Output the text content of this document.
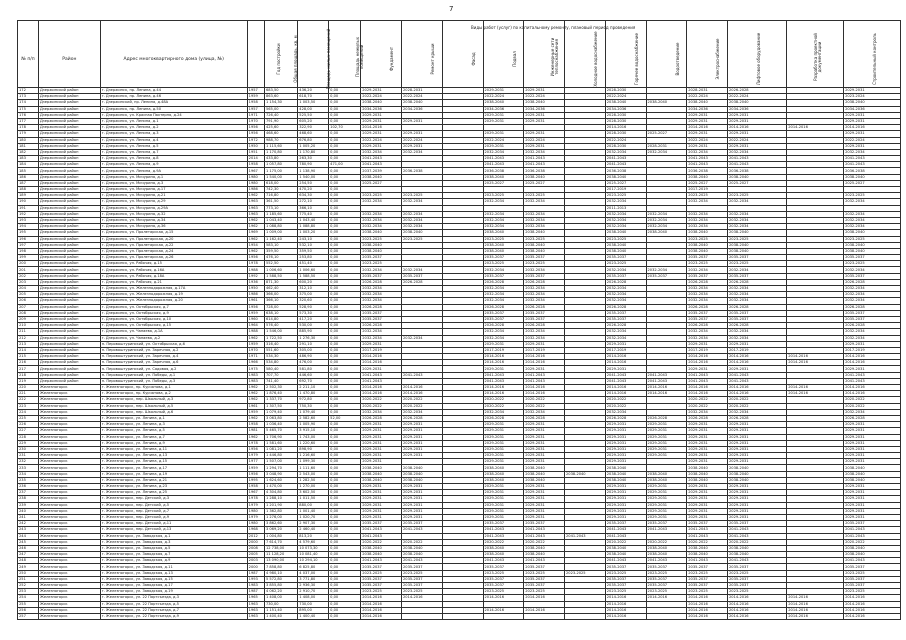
7
Виды работ (услуг) по капитальному ремонту, плановый период проведения
№ п/п	Район	Адрес многоквартирного дома (улица, №)	Год постройки	Общая площадь, кв. м	Площадь жилых помещений	Площадь нежилых помещений	Фундамент	Ремонт крыши	Фасад	Подвал	Инженерные сети теплоснабжения	Холодное водоснабжение	Горячее водоснабжение	Водоотведение	Электроснабжение	Лифтовое оборудование	Разработка проектной документации	Строительный контроль
172	Дзержинский район	г. Дзержинск, пр. Ленина, д.44	1957	683,50	436,20	0,00	2029-2031	2028-2031		2029-2031	2029-2031		2028-2030		2028-2031	2026-2028		2029-2031
173	Дзержинский район	г. Дзержинск, пр. Ленина, д.46	1959	863,60	618,70	0,00	2022-2024	2022-2024		2022-2024	2022-2024		2022-2024		2022-2024	2022-2024		2023-2024
174	Дзержинский район	г. Дзержинский, пр. Ленина, д.48А	1958	1 154,30	1 003,50	0,00	2038-2040	2038-2040		2038-2040	2038-2040		2038-2040	2038-2040	2038-2040	2038-2040		2038-2040
175	Дзержинский район	г. Дзержинск, пр. Ленина, д.50	1957	565,00	428,00	0,00	2034-2036	2034-2036		2034-2036	2034-2036		2034-2036		2034-2036	2034-2036		2034-2036
176	Дзержинский район	г. Дзержинск, ул. Красная Пахтерня, д.24	1971	726,40	525,50	0,00	2029-2031			2029-2031	2029-2031		2028-2030		2029-2031	2029-2031		2029-2031
177	Дзержинский район	г. Дзержинск, ул. Ленина, д.1	1970	791,90	605,20	0,00	2029-2031	2029-2031		2029-2031	2029-2031		2028-2030		2029-2031	2029-2031		2029-2031
178	Дзержинский район	г. Дзержинск, ул. Ленина, д.2	1956	425,60	322,90	102,70	2014-2016						2014-2016		2014-2016	2014-2016	2014-2016	2014-2016
179	Дзержинский район	г. Дзержинск, ул. Ленина, д.3	1956	468,60	468,60	0,00	2029-2031	2029-2031		2029-2031	2029-2031		2028-2030	2025-2027	2029-2031	2029-2031		2029-2031
180	Дзержинский район	г. Дзержинск, ул. Ленина, д.4	1972	988,70	676,80	0,00	2022-2024	2022-2024		2022-2024	2022-2024		2022-2024		2022-2024	2022-2024		2022-2024
181	Дзержинский район	г. Дзержинск, ул. Ленина, д.5	1950	1 115,60	1 005,20	0,00	2029-2031	2029-2031		2029-2031	2029-2031		2028-2030	2028-2031	2029-2031	2029-2031		2029-2031
182	Дзержинский район	г. Дзержинск, ул. Ленина, д.7	1951	1 170,80	1 170,80	0,00	2032-2034	2032-2034		2032-2034	2032-2034		2032-2034	2032-2034	2032-2034	2032-2034		2032-2034
183	Дзержинский район	г. Дзержинск, ул. Ленина, д.8	2014	433,80	263,30	0,00	2041-2043			2041-2043	2041-2043		2041-2043		2041-2043	2041-2043		2041-2043
184	Дзержинский район	г. Дзержинск, ул. Ленина, д.9	1958	1 057,80	780,90	471,00	2041-2043			2041-2043	2041-2043		2041-2043		2041-2043	2041-2043		2041-2043
185	Дзержинский район	г. Дзержинск, ул. Ленина, д.9А	1967	1 175,00	1 138,90	0,00	2037-2039	2036-2038		2036-2038	2036-2038		2036-2038		2036-2038	2036-2038		2036-2038
186	Дзержинский район	г. Дзержинск, ул. Мичурина, д.1	1980	1 540,00	1 540,00	0,00	2038-2040			2038-2040	2038-2040		2038-2040		2038-2040	2038-2040		2038-2040
187	Дзержинский район	г. Дзержинск, ул. Мичурина, д.3	1980	618,00	254,50	0,00	2025-2027			2025-2027	2025-2027		2025-2027		2025-2027	2025-2027		2025-2027
188	Дзержинский район	г. Дзержинск, ул. Мичурина, д.17	1986	742,30	470,20	0,00							2017-2019		2017-2019			
189	Дзержинский район	г. Дзержинск, ул. Мичурина, д.21	1962	716,80	634,30	0,00	2023-2025	2023-2025		2023-2025	2023-2025		2023-2025		2023-2025	2023-2025		2023-2025
190	Дзержинский район	г. Дзержинск, ул. Мичурина, д.29	1963	361,50	272,10	0,00	2032-2034	2032-2034		2032-2034	2032-2034		2032-2034		2032-2034	2032-2034		2032-2034
191	Дзержинский район	г. Дзержинск, ул. Мичурина, д.29А	1963	773,10	366,10	0,00							2011-2013					
192	Дзержинский район	г. Дзержинск, ул. Мичурина, д.32	1963	1 185,60	775,40	0,00	2032-2034	2032-2034		2032-2034	2032-2034		2032-2034	2032-2034	2032-2034	2032-2034		2032-2034
193	Дзержинский район	г. Дзержинск, ул. Мичурина, д.34	1962	1 043,40	1 043,40	0,00	2032-2034	2032-2034		2032-2034	2032-2034		2032-2034	2032-2034	2032-2034	2032-2034		2032-2034
194	Дзержинский район	г. Дзержинск, ул. Мичурина, д.36	1962	1 088,80	1 088,80	0,00	2032-2034	2032-2034		2032-2034	2032-2034		2032-2034	2032-2034	2032-2034	2032-2034		2032-2034
195	Дзержинский район	г. Дзержинск, ул. Пролетарская, д.15	1969	1 009,00	1 003,20	0,00	2038-2040	2038-2040		2038-2040	2038-2040		2038-2040	2038-2040	2038-2040	2038-2040		2038-2040
196	Дзержинский район	г. Дзержинск, ул. Пролетарская, д.20	1962	1 162,40	243,10	0,00	2023-2025	2023-2025		2023-2025	2023-2025		2023-2025		2023-2025	2023-2025		2023-2025
197	Дзержинский район	г. Дзержинск, ул. Пролетарская, д.22	1954	583,10	532,10	0,00	2038-2040			2038-2040	2038-2040		2038-2040		2038-2040	2038-2040		2038-2040
198	Дзержинский район	г. Дзержинск, ул. Пролетарская, д.24	1962	359,50	359,50	0,00	2038-2040			2038-2040	2038-2040		2038-2040		2038-2040	2038-2040		2038-2040
199	Дзержинский район	г. Дзержинск, ул. Пролетарская, д.26	1956	476,10	253,80	0,00	2035-2037			2035-2037	2035-2037		2035-2037		2035-2037	2035-2037		2035-2037
200	Дзержинский район	г. Дзержинск, ул. Рабочая, д.15	1978	552,50	451,40	0,00	2023-2025			2023-2025	2023-2025		2023-2025		2023-2025	2023-2025		2023-2025
201	Дзержинский район	г. Дзержинск, ул. Рабочая, д.16А	1988	1 006,60	1 006,60	0,00	2032-2034	2032-2034		2032-2034	2032-2034		2032-2034	2032-2034	2032-2034	2032-2034		2032-2034
202	Дзержинский район	г. Дзержинск, ул. Рабочая, д.18А	1992	1 588,50	1 588,50	0,00	2035-2037	2035-2037		2035-2037	2035-2037		2035-2037	2035-2037	2035-2037	2035-2037		2035-2037
203	Дзержинский район	г. Дзержинск, ул. Рабочая, д.21	1936	871,30	600,20	0,00	2026-2028	2026-2028		2026-2028	2026-2028		2026-2028		2026-2028	2026-2028		2026-2028
204	Дзержинский район	г. Дзержинск, ул. Железнодорожная, д.17А	1950	462,40	312,10	0,00	2032-2034			2032-2034	2032-2034		2032-2034		2032-2034	2032-2034		2032-2034
205	Дзержинский район	г. Дзержинск, ул. Железнодорожная, д.19	1986	366,00	375,00	0,00	2032-2034			2032-2034	2032-2034		2032-2034		2032-2034	2032-2034		2032-2034
206	Дзержинский район	г. Дзержинск, ул. Железнодорожная, д.20	1961	366,10	320,60	0,00	2032-2034			2032-2034	2032-2034		2032-2034		2032-2034	2032-2034		2032-2034
207	Дзержинский район	г. Дзержинск, ул. Октябрьская, д.7	1956	728,00	528,90	0,00	2026-2028			2026-2028	2026-2028		2026-2028		2026-2028	2026-2028		2026-2028
208	Дзержинский район	г. Дзержинск, ул. Октябрьская, д.9	1959	638,10	573,30	0,00	2035-2037			2035-2037	2035-2037		2035-2037		2035-2037	2035-2037		2035-2037
209	Дзержинский район	г. Дзержинск, ул. Октябрьская, д.10	1960	614,80	417,20	0,00	2035-2037			2035-2037	2035-2037		2035-2037		2035-2037	2035-2037		2035-2037
210	Дзержинский район	г. Дзержинск, ул. Октябрьская, д.15	1964	576,40	530,00	0,00	2026-2028			2026-2028	2026-2028		2026-2028		2026-2028	2026-2028		2026-2028
211	Дзержинский район	г. Дзержинск, ул. Чапаева, д.1А	1988	1 546,00	885,90	0,00	2032-2034			2032-2034	2032-2034		2032-2034		2032-2034	2032-2034		2032-2034
212	Дзержинский район	г. Дзержинск, ул. Чапаева, д.2	1962	1 722,50	1 276,30	0,00	2032-2034	2032-2034		2032-2034	2032-2034		2032-2034		2032-2034	2032-2034		2032-2034
213	Дзержинский район	п. Перовоштуринский, ул. Октябрьская, д.6	1959	316,40	291,10	0,00	2029-2031			2029-2031	2029-2031		2029-2031		2029-2031	2029-2031		2029-2031
214	Дзержинский район	п. Перовоштуринский, ул. Заречная, д.2	1970	551,60	305,00	0,00	2017-2019			2017-2019	2017-2019		2017-2019		2017-2019	2017-2019		2017-2019
215	Дзержинский район	п. Перовоштуринский, ул. Заречная, д.4	1971	534,30	486,90	0,00	2014-2016			2014-2016	2014-2016		2014-2016		2014-2016	2014-2016	2014-2016	2014-2016
216	Дзержинский район	п. Перовоштуринский, ул. Заречная, д.6	1966	534,80	476,00	0,00	2014-2016			2014-2016	2014-2016		2014-2016		2014-2016	2014-2016	2014-2016	2014-2016
217	Дзержинский район	п. Перовоштуринский, ул. Садовая, д.2	1975	580,40	581,80	0,00	2029-2031			2029-2031	2029-2031		2029-2031		2029-2031	2029-2031		2029-2031
218	Дзержинский район	п. Перовоштуринский, ул. Победы, д.1	1983	707,70	446,60	0,00	2041-2043	2041-2043		2041-2043	2041-2043		2041-2043	2041-2043	2041-2043	2041-2043		2041-2043
219	Дзержинский район	п. Перовоштуринский, ул. Победы, д.3	1983	741,40	692,70	0,00	2041-2043			2041-2043	2041-2043		2041-2043	2041-2043	2041-2043	2041-2043		2041-2043
220	Железногорск	г. Железногорск, пр. Курчатова, д.1	1962	2 502,30	2 211,10	0,00	2014-2016	2014-2016		2014-2016	2014-2016		2014-2016	2014-2016	2014-2016	2014-2016	2014-2016	2014-2016
221	Железногорск	г. Железногорск, пр. Курчатова, д.2	1962	1 876,40	1 470,80	0,00	2014-2016	2014-2016		2014-2016	2014-2016		2014-2016	2014-2016	2014-2016	2014-2016	2014-2016	2014-2016
222	Железногорск	г. Железногорск, пер. Школьный, д.3	1962	1 337,70	972,80	0,00	2020-2022	2020-2022		2020-2022	2020-2022		2020-2022		2020-2022	2020-2022		2020-2022
223	Железногорск	г. Железногорск, пер. Школьный, д.5	1961	1 307,50	750,30	0,00	2020-2022	2020-2022		2020-2022	2020-2022		2020-2022		2020-2022	2020-2022		2020-2022
224	Железногорск	г. Железногорск, пер. Школьный, д.6	1959	1 079,40	1 079,40	0,00	2032-2034	2032-2034		2032-2034	2032-2034		2032-2034		2032-2034	2032-2034		2032-2034
225	Железногорск	г. Железногорск, ул. Ленина, д.1	1962	3 063,80	2 582,60	52,00	2026-2028	2026-2028		2026-2028	2026-2028		2026-2028	2026-2028	2026-2028	2026-2028		2026-2028
226	Железногорск	г. Железногорск, ул. Ленина, д.3	1958	1 036,40	1 005,90	0,00	2029-2031	2029-2031		2029-2031	2029-2031		2029-2031	2029-2031	2029-2031	2029-2031		2029-2031
227	Железногорск	г. Железногорск, ул. Ленина, д.5	1981	5 465,70	3 915,10	0,00	2029-2031	2029-2031		2029-2031	2029-2031		2029-2031	2029-2031	2029-2031	2029-2031		2029-2031
228	Железногорск	г. Железногорск, ул. Ленина, д.7	1962	1 706,90	1 743,00	0,00	2029-2031	2029-2031		2029-2031	2029-2031		2029-2031	2029-2031	2029-2031	2029-2031		2029-2031
229	Железногорск	г. Железногорск, ул. Ленина, д.9	1978	1 581,60	1 220,60	0,00	2029-2031	2029-2031		2029-2031	2029-2031		2029-2031	2029-2031	2029-2031	2029-2031		2029-2031
230	Железногорск	г. Железногорск, ул. Ленина, д.11	1956	1 081,20	898,90	0,00	2029-2031	2029-2031		2029-2031	2029-2031		2029-2031	2029-2031	2029-2031	2029-2031		2029-2031
231	Железногорск	г. Железногорск, ул. Ленина, д.13	1979	1 446,80	1 216,60	0,00	2029-2031	2029-2031		2029-2031	2029-2031		2029-2031	2029-2031	2029-2031	2029-2031		2029-2031
232	Железногорск	г. Железногорск, ул. Ленина, д.15	1977	1 507,00	1 099,30	0,00	2029-2031			2029-2031	2029-2031		2029-2031		2029-2031	2029-2031		2029-2031
233	Железногорск	г. Железногорск, ул. Ленина, д.17	1959	1 294,70	1 111,60	0,00	2038-2040	2038-2040		2038-2040	2038-2040		2038-2040		2038-2040	2038-2040		2038-2040
234	Железногорск	г. Железногорск, ул. Ленина, д.19	1956	3 048,90	2 543,00	0,00	2038-2040	2038-2040		2038-2040	2038-2040	2038-2040	2038-2040	2038-2040	2038-2040	2038-2040		2038-2040
235	Железногорск	г. Железногорск, ул. Ленина, д.21	1995	1 624,60	1 282,50	0,00	2038-2040	2038-2040		2038-2040	2038-2040		2038-2040	2038-2040	2038-2040	2038-2040		2038-2040
236	Железногорск	г. Железногорск, ул. Ленина, д.23	1958	1 470,00	1 270,00	0,00	2029-2031	2029-2031		2029-2031	2029-2031		2029-2031	2029-2031	2029-2031	2029-2031		2029-2031
237	Железногорск	г. Железногорск, ул. Ленина, д.25	1967	4 304,80	3 602,50	0,00	2029-2031	2029-2031		2029-2031	2029-2031		2029-2031	2029-2031	2029-2031	2029-2031		2029-2031
238	Железногорск	г. Железногорск, пер. Детский, д.3	1978	1 288,10	1 011,50	0,00	2029-2031	2029-2031		2029-2031	2029-2031		2029-2031	2029-2031	2029-2031	2029-2031		2029-2031
239	Железногорск	г. Железногорск, пер. Детский, д.5	1979	1 201,90	880,00	0,00	2029-2031	2029-2031		2029-2031	2029-2031		2029-2031	2029-2031	2029-2031	2029-2031		2029-2031
240	Железногорск	г. Железногорск, пер. Детский, д.7	1980	1 362,80	1 001,40	0,00	2029-2031	2029-2031		2029-2031	2029-2031		2029-2031	2029-2031	2029-2031	2029-2031		2029-2031
241	Железногорск	г. Железногорск, пер. Детский, д.9	1979	1 276,00	1 020,70	0,00	2029-2031	2029-2031		2029-2031	2029-2031		2029-2031	2029-2031	2029-2031	2029-2031		2029-2031
242	Железногорск	г. Железногорск, пер. Детский, д.11	1980	3 862,60	2 907,30	0,00	2035-2037	2035-2037		2035-2037	2035-2037		2035-2037	2035-2037	2035-2037	2035-2037		2035-2037
243	Железногорск	г. Железногорск, пер. Детский, д.13	1968	3 069,20	2 460,40	0,00	2041-2043	2041-2043		2041-2043	2041-2043		2041-2043	2041-2043	2041-2043	2041-2043		2041-2043
244	Железногорск	г. Железногорск, ул. Заводская, д.1	2012	1 004,80	813,20	0,00	2041-2043			2041-2043	2041-2043	2041-2043	2041-2043		2041-2043	2041-2043		2041-2043
245	Железногорск	г. Железногорск, ул. Заводская, д.3	2000	7 614,70	4 579,60	0,00	2020-2022	2020-2022		2020-2022	2020-2022		2020-2022	2020-2022	2020-2022	2020-2022		2020-2022
246	Железногорск	г. Железногорск, ул. Заводская, д.5	2008	12 738,00	10 073,30	0,00	2038-2040	2038-2040		2038-2040	2038-2040		2038-2040	2038-2040	2038-2040	2038-2040		2038-2040
247	Железногорск	г. Железногорск, ул. Заводская, д.7	2005	11 128,20	10 081,40	0,00	2038-2040	2038-2040		2038-2040	2038-2040		2038-2040	2038-2040	2038-2040	2038-2040		2038-2040
248	Железногорск	г. Железногорск, ул. Заводская, д.9	2003	13 090,00	10 294,10	0,00	2041-2043	2041-2043		2041-2043	2041-2043		2041-2043	2041-2043	2041-2043	2041-2043		2041-2043
249	Железногорск	г. Железногорск, ул. Заводская, д.11	2000	7 858,80	6 825,80	0,00	2035-2037	2035-2037		2035-2037	2035-2037		2035-2037	2035-2037	2035-2037	2035-2037		2035-2037
250	Железногорск	г. Железногорск, ул. Заводская, д.13	1987	4 980,10	4 037,00	0,00	2023-2025	2023-2025		2023-2025	2023-2025	2023-2025	2023-2025	2023-2025	2023-2025	2023-2025		2023-2025
251	Железногорск	г. Железногорск, ул. Заводская, д.15	1993	5 572,80	3 771,80	0,00	2035-2037	2035-2037		2035-2037	2035-2037		2035-2037	2035-2037	2035-2037	2035-2037		2035-2037
252	Железногорск	г. Железногорск, ул. Заводская, д.17	1983	3 855,80	2 936,30	0,00	2035-2037	2035-2037		2035-2037	2035-2037		2035-2037	2035-2037	2035-2037	2035-2037		2035-2037
253	Железногорск	г. Железногорск, ул. Заводская, д.19	1987	4 062,20	2 910,70	0,00	2023-2025	2023-2025		2023-2025	2023-2025		2023-2025	2023-2025	2023-2025	2023-2025		2023-2025
254	Железногорск	г. Железногорск, ул. 22 Партсъезда, д.3	1965	1 408,00	1 408,00	0,00	2014-2016	2014-2016		2014-2016	2014-2016		2014-2016	2014-2016	2014-2016	2014-2016	2014-2016	2014-2016
255	Железногорск	г. Железногорск, ул. 22 Партсъезда, д.5	1963	730,00	730,00	0,00	2014-2016						2014-2016		2014-2016	2014-2016	2014-2016	2014-2016
256	Железногорск	г. Железногорск, ул. 22 Партсъезда, д.7	1963	1 151,40	895,00	0,00	2014-2016			2014-2016	2014-2016		2014-2016		2014-2016	2014-2016	2014-2016	2014-2016
257	Железногорск	г. Железногорск, ул. 22 Партсъезда, д.9	1963	1 400,40	1 400,40	0,00	2014-2016						2014-2016		2014-2016	2014-2016	2014-2016	2014-2016
